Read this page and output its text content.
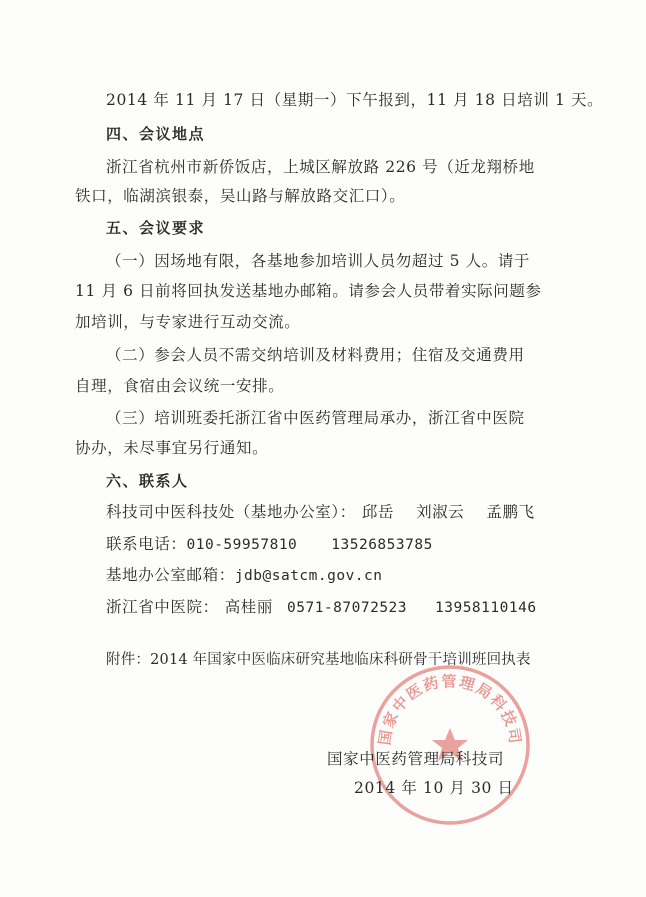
2014 年 11 月 17 日（星期一）下午报到，11 月 18 日培训 1 天。
四、会议地点
浙江省杭州市新侨饭店，上城区解放路 226 号（近龙翔桥地
铁口，临湖滨银泰，吴山路与解放路交汇口）。
五、会议要求
（一）因场地有限，各基地参加培训人员勿超过 5 人。请于
11 月 6 日前将回执发送基地办邮箱。请参会人员带着实际问题参
加培训，与专家进行互动交流。
（二）参会人员不需交纳培训及材料费用；住宿及交通费用
自理，食宿由会议统一安排。
（三）培训班委托浙江省中医药管理局承办，浙江省中医院
协办，未尽事宜另行通知。
六、联系人
科技司中医科技处（基地办公室）： 邱岳 刘淑云 孟鹏飞
联系电话：010-59957810 13526853785
基地办公室邮箱：jdb@satcm.gov.cn
浙江省中医院： 高桂丽 0571-87072523 13958110146
附件：2014 年国家中医临床研究基地临床科研骨干培训班回执表
国家中医药管理局科技司
国家中医药管理局科技司
2014 年 10 月 30 日
